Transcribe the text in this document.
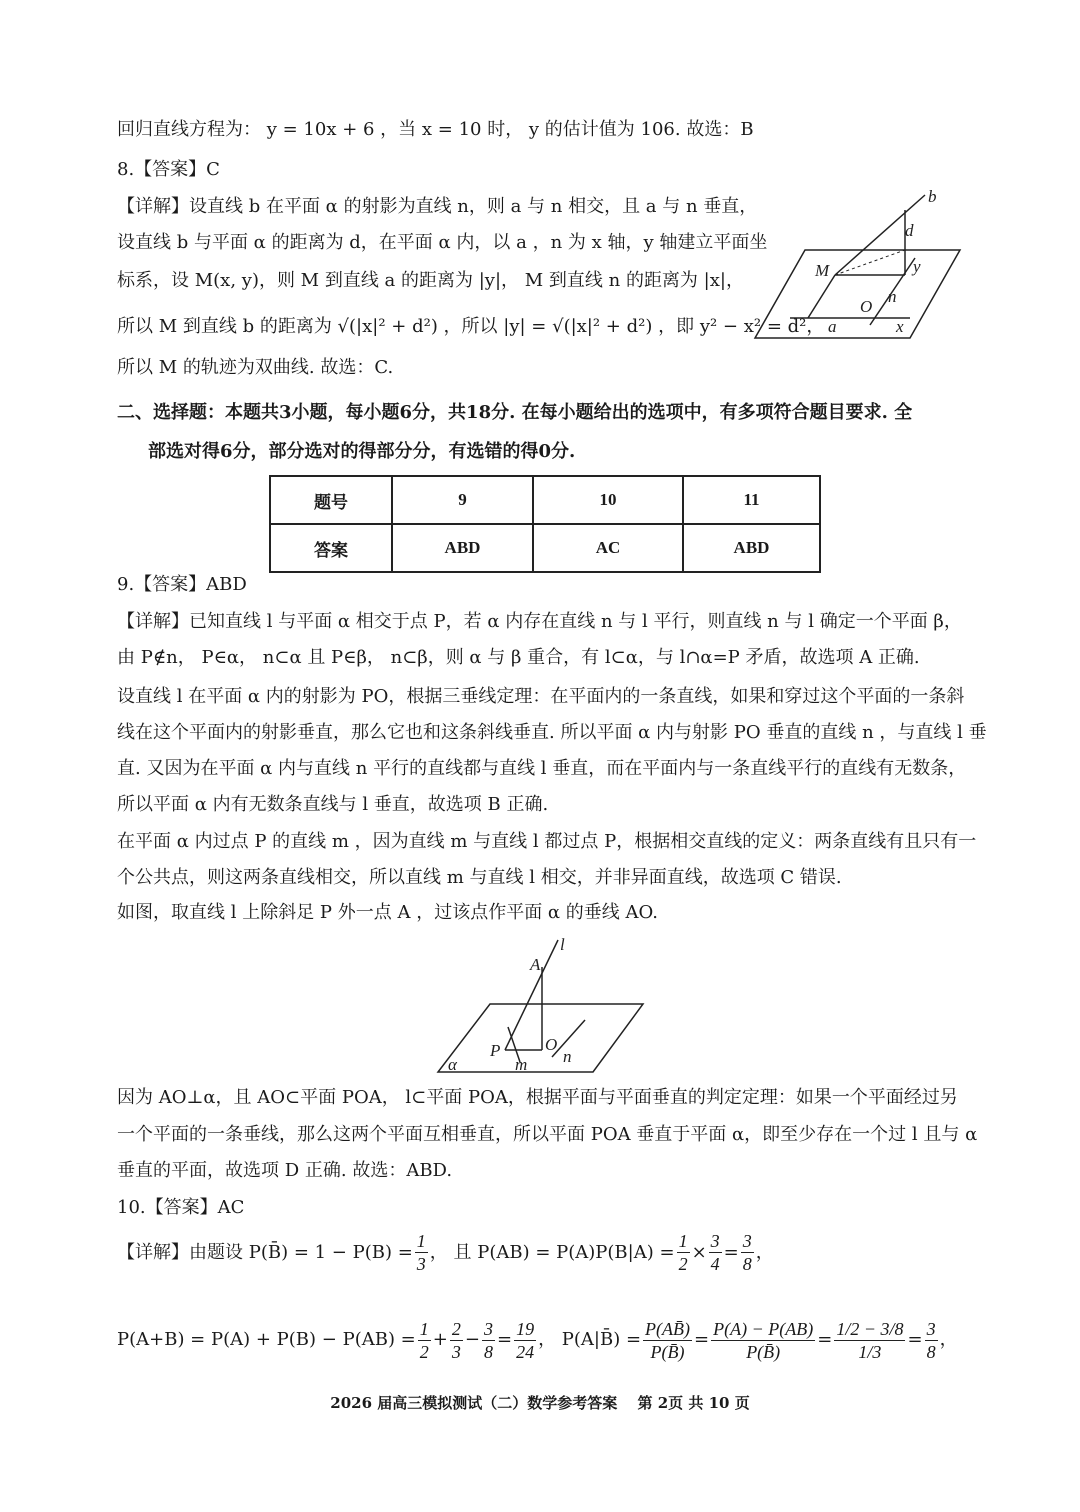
回归直线方程为： y = 10x + 6 ，当 x = 10 时， y 的估计值为 106. 故选：B
8.【答案】C
【详解】设直线 b 在平面 α 的射影为直线 n，则 a 与 n 相交，且 a 与 n 垂直，
设直线 b 与平面 α 的距离为 d，在平面 α 内，以 a ，n 为 x 轴，y 轴建立平面坐
标系，设 M(x, y)，则 M 到直线 a 的距离为 |y|， M 到直线 n 的距离为 |x|，
所以 M 到直线 b 的距离为 √(|x|² + d²) ，所以 |y| = √(|x|² + d²) ，即 y² − x² = d²，
所以 M 的轨迹为双曲线. 故选：C.
b
d
M	y
n
O
a	x
二、选择题：本题共3小题，每小题6分，共18分. 在每小题给出的选项中，有多项符合题目要求. 全
部选对得6分，部分选对的得部分分，有选错的得0分.
题号	9	10	11
答案	ABD	AC	ABD
9.【答案】ABD
【详解】已知直线 l 与平面 α 相交于点 P，若 α 内存在直线 n 与 l 平行，则直线 n 与 l 确定一个平面 β，
由 P∉n， P∈α， n⊂α 且 P∈β， n⊂β，则 α 与 β 重合，有 l⊂α，与 l∩α=P 矛盾，故选项 A 正确.
设直线 l 在平面 α 内的射影为 PO，根据三垂线定理：在平面内的一条直线，如果和穿过这个平面的一条斜
线在这个平面内的射影垂直，那么它也和这条斜线垂直. 所以平面 α 内与射影 PO 垂直的直线 n ，与直线 l 垂
直. 又因为在平面 α 内与直线 n 平行的直线都与直线 l 垂直，而在平面内与一条直线平行的直线有无数条，
所以平面 α 内有无数条直线与 l 垂直，故选项 B 正确.
在平面 α 内过点 P 的直线 m ，因为直线 m 与直线 l 都过点 P，根据相交直线的定义：两条直线有且只有一
个公共点，则这两条直线相交，所以直线 m 与直线 l 相交，并非异面直线，故选项 C 错误.
如图，取直线 l 上除斜足 P 外一点 A ，过该点作平面 α 的垂线 AO.
l
A
P	O
n
m
α
因为 AO⊥α，且 AO⊂平面 POA， l⊂平面 POA，根据平面与平面垂直的判定定理：如果一个平面经过另
一个平面的一条垂线，那么这两个平面互相垂直，所以平面 POA 垂直于平面 α，即至少存在一个过 l 且与 α
垂直的平面，故选项 D 正确. 故选：ABD.
10.【答案】AC
【详解】由题设 P(B̄) = $1 - P(B) = \frac{1}{3}$ ， 且 $P(AB) = P(A)P(B|A) = \frac{1}{2} \times \frac{3}{4} = \frac{3}{8}$ ，
$P(A+B) = P(A) + P(B) - P(AB) = \frac{1}{2} + \frac{2}{3} - \frac{3}{8} = \frac{19}{24}$ ， P(A|B̄) = $\frac{P(AB̄)}{P(B̄)} = \frac{P(A) - P(AB)}{P(B̄)} = \frac{1/2 - 3/8}{1/3} = \frac{3}{8}$ ，
2026 届高三模拟测试（二）数学参考答案　 第 2页 共 10 页
